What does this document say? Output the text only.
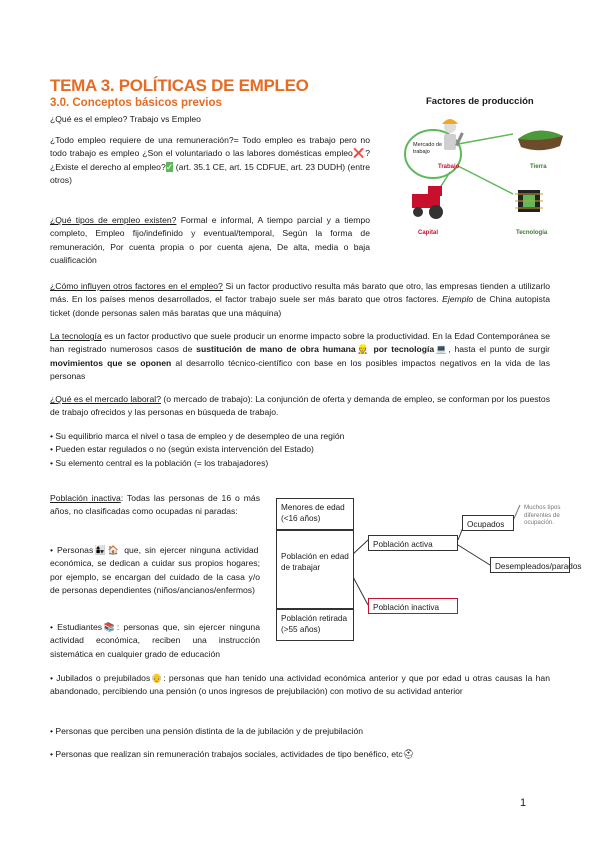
TEMA 3. POLÍTICAS DE EMPLEO
3.0. Conceptos básicos previos
¿Qué es el empleo? Trabajo vs Empleo
¿Todo empleo requiere de una remuneración?= Todo empleo es trabajo pero no todo trabajo es empleo ¿Son el voluntariado o las labores domésticas empleo❌? ¿Existe el derecho al empleo?✓ (art. 35.1 CE, art. 15 CDFUE, art. 23 DUDH) (entre otros)
¿Qué tipos de empleo existen? Formal e informal, A tiempo parcial y a tiempo completo, Empleo fijo/indefinido y eventual/temporal, Según la forma de remuneración, Por cuenta propia o por cuenta ajena, De alta, media o baja cualificación
Factores de producción
Mercado de trabajo
Trabajo	Tierra
Capital	Tecnología
¿Cómo influyen otros factores en el empleo? Si un factor productivo resulta más barato que otro, las empresas tienden a utilizarlo más. En los países menos desarrollados, el factor trabajo suele ser más barato que otros factores. Ejemplo de China autopista ticket (donde personas salen más baratas que una máquina)
La tecnología es un factor productivo que suele producir un enorme impacto sobre la productividad. En la Edad Contemporánea se han registrado numerosos casos de sustitución de mano de obra humana👷 por tecnología💻, hasta el punto de surgir movimientos que se oponen al desarrollo técnico-científico con base en los posibles impactos negativos en la vida de las personas
¿Qué es el mercado laboral? (o mercado de trabajo): La conjunción de oferta y demanda de empleo, se conforman por los puestos de trabajo ofrecidos y las personas en búsqueda de trabajo.
• Su equilibrio marca el nivel o tasa de empleo y de desempleo de una región
• Pueden estar regulados o no (según exista intervención del Estado)
• Su elemento central es la población (= los trabajadores)
Población inactiva: Todas las personas de 16 o más años, no clasificadas como ocupadas ni paradas:
• Personas👩‍👧🏠 que, sin ejercer ninguna actividad económica, se dedican a cuidar sus propios hogares; por ejemplo, se encargan del cuidado de la casa y/o de personas dependientes (niños/ancianos/enfermos)
• Estudiantes📚: personas que, sin ejercer ninguna actividad económica, reciben una instrucción sistemática en cualquier grado de educación
Menores de edad (<16 años)
Población en edad de trabajar
Población retirada (>55 años)
Población activa
Población inactiva
Ocupados
Desempleados/parados
Muchos tipos diferentes de ocupación.
• Jubilados o prejubilados👴: personas que han tenido una actividad económica anterior y que por edad u otras causas la han abandonado, percibiendo una pensión (o unos ingresos de prejubilación) con motivo de su actividad anterior
• Personas que perciben una pensión distinta de la de jubilación y de prejubilación
• Personas que realizan sin remuneración trabajos sociales, actividades de tipo benéfico, etc⛑
1
